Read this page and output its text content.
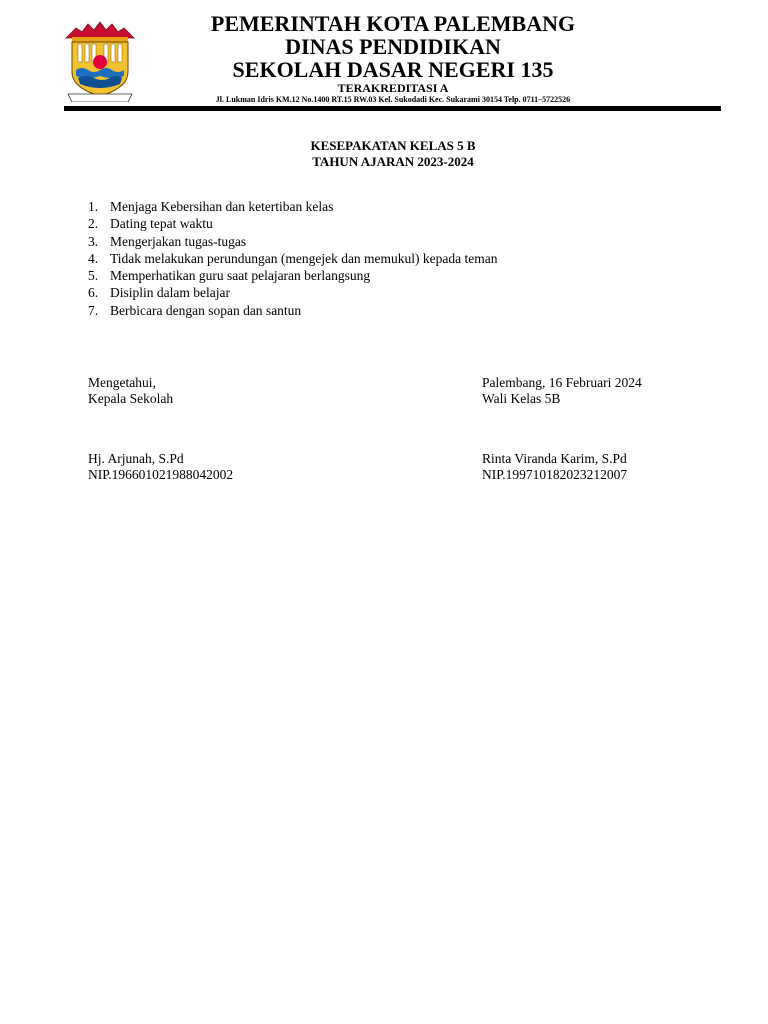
PEMERINTAH KOTA PALEMBANG

DINAS PENDIDIKAN

SEKOLAH DASAR NEGERI 135

TERAKREDITASI A
Jl. Lukman Idris KM.12 No.1400 RT.15 RW.03 Kel. Sukodadi Kec. Sukarami 30154 Telp. 0711–5722526
KESEPAKATAN KELAS 5 B
TAHUN AJARAN 2023-2024
1. Menjaga Kebersihan dan ketertiban kelas
2. Dating tepat waktu
3. Mengerjakan tugas-tugas
4. Tidak melakukan perundungan (mengejek dan memukul) kepada teman
5. Memperhatikan guru saat pelajaran berlangsung
6. Disiplin dalam belajar
7. Berbicara dengan sopan dan santun
Mengetahui,
Kepala Sekolah
Hj. Arjunah, S.Pd
NIP.196601021988042002
Palembang, 16 Februari 2024
Wali Kelas 5B
Rinta Viranda Karim, S.Pd
NIP.199710182023212007
